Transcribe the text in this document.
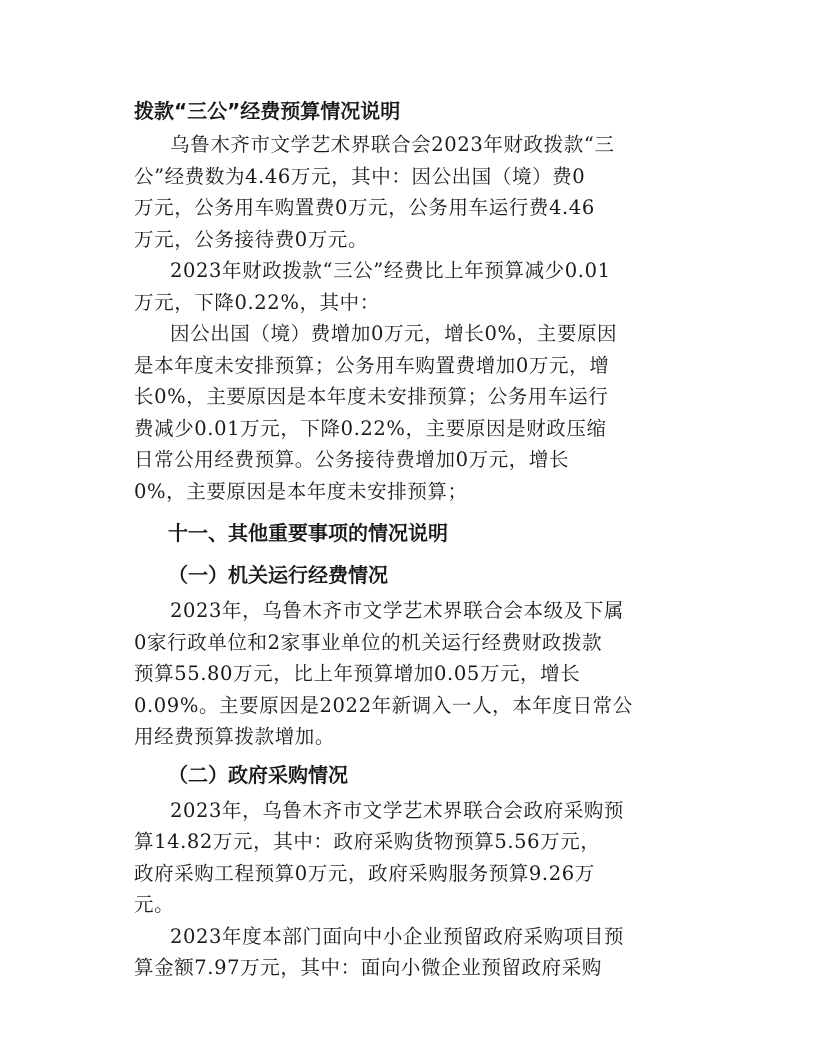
拨款“三公”经费预算情况说明
乌鲁木齐市文学艺术界联合会2023年财政拨款“三
公”经费数为4.46万元，其中：因公出国（境）费0
万元，公务用车购置费0万元，公务用车运行费4.46
万元，公务接待费0万元。
2023年财政拨款“三公”经费比上年预算减少0.01
万元，下降0.22%，其中：
因公出国（境）费增加0万元，增长0%，主要原因
是本年度未安排预算；公务用车购置费增加0万元，增
长0%，主要原因是本年度未安排预算；公务用车运行
费减少0.01万元，下降0.22%，主要原因是财政压缩
日常公用经费预算。公务接待费增加0万元，增长
0%，主要原因是本年度未安排预算；
十一、其他重要事项的情况说明
（一）机关运行经费情况
2023年，乌鲁木齐市文学艺术界联合会本级及下属
0家行政单位和2家事业单位的机关运行经费财政拨款
预算55.80万元，比上年预算增加0.05万元，增长
0.09%。主要原因是2022年新调入一人，本年度日常公
用经费预算拨款增加。
（二）政府采购情况
2023年，乌鲁木齐市文学艺术界联合会政府采购预
算14.82万元，其中：政府采购货物预算5.56万元，
政府采购工程预算0万元，政府采购服务预算9.26万
元。
2023年度本部门面向中小企业预留政府采购项目预
算金额7.97万元，其中：面向小微企业预留政府采购
